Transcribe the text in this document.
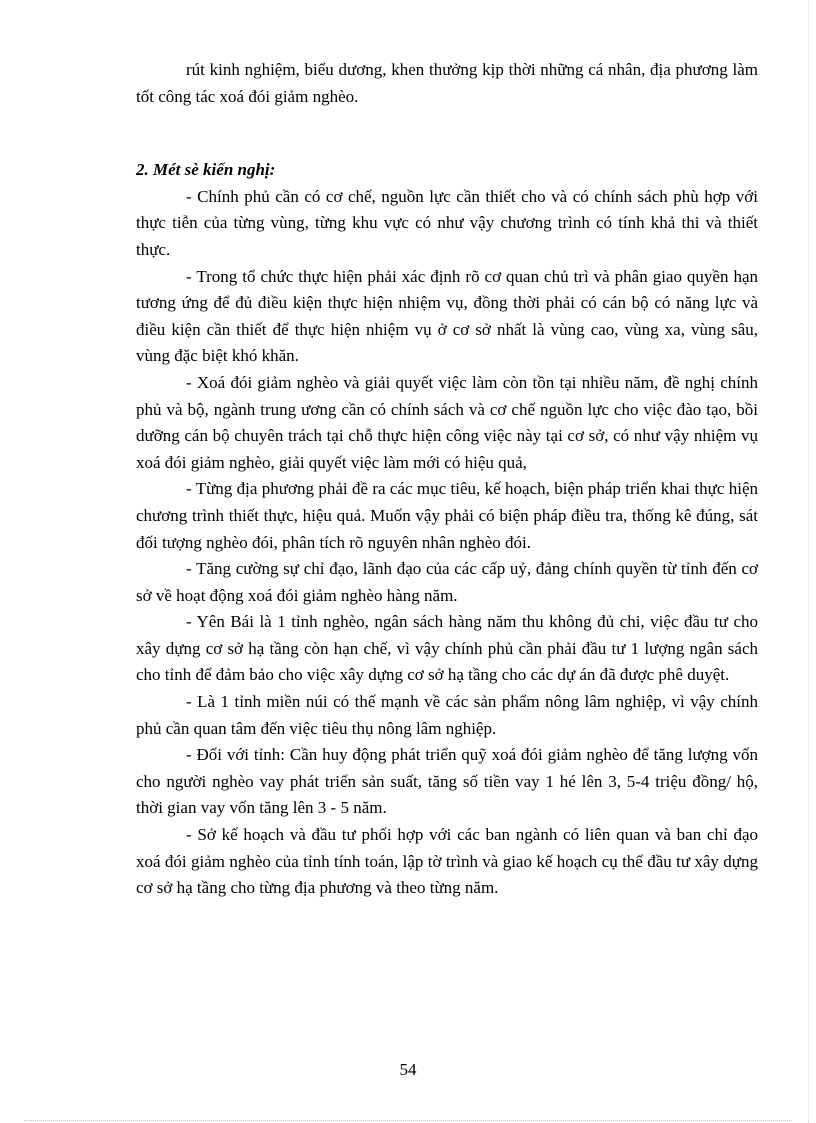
rút kinh nghiệm, biểu dương, khen thưởng kịp thời những cá nhân, địa phương làm tốt công tác xoá đói giảm nghèo.

2. Mét sè kiến nghị:

- Chính phủ cần có cơ chế, nguồn lực cần thiết cho và có chính sách phù hợp với thực tiễn của từng vùng, từng khu vực có như vậy chương trình có tính khả thi và thiết thực.

- Trong tổ chức thực hiện phải xác định rõ cơ quan chủ trì và phân giao quyền hạn tương ứng để đủ điều kiện thực hiện nhiệm vụ, đồng thời phải có cán bộ có năng lực và điều kiện cần thiết để thực hiện nhiệm vụ ở cơ sở nhất là vùng cao, vùng xa, vùng sâu, vùng đặc biệt khó khăn.

- Xoá đói giảm nghèo và giải quyết việc làm còn tồn tại nhiều năm, đề nghị chính phủ và bộ, ngành trung ương cần có chính sách và cơ chế nguồn lực cho việc đào tạo, bồi dưỡng cán bộ chuyên trách tại chỗ thực hiện công việc này tại cơ sở, có như vậy nhiệm vụ xoá đói giảm nghèo, giải quyết việc làm mới có hiệu quả,

- Từng địa phương phải đề ra các mục tiêu, kế hoạch, biện pháp triển khai thực hiện chương trình thiết thực, hiệu quả. Muốn vậy phải có biện pháp điều tra, thống kê đúng, sát đối tượng nghèo đói, phân tích rõ nguyên nhân nghèo đói.

- Tăng cường sự chỉ đạo, lãnh đạo của các cấp uỷ, đảng chính quyền từ tỉnh đến cơ sở về hoạt động xoá đói giảm nghèo hàng năm.

- Yên Bái là 1 tỉnh nghèo, ngân sách hàng năm thu không đủ chi, việc đầu tư cho xây dựng cơ sở hạ tầng còn hạn chế, vì vậy chính phủ cần phải đầu tư 1 lượng ngân sách cho tỉnh để đảm bảo cho việc xây dựng cơ sở hạ tầng cho các dự án đã được phê duyệt.

- Là 1 tỉnh miền núi có thế mạnh về các sản phẩm nông lâm nghiệp, vì vậy chính phủ cần quan tâm đến việc tiêu thụ nông lâm nghiệp.

- Đối với tỉnh: Cần huy động phát triển quỹ xoá đói giảm nghèo để tăng lượng vốn cho người nghèo vay phát triển sản suất, tăng số tiền vay 1 hé lên 3, 5-4 triệu đồng/ hộ, thời gian vay vốn tăng lên 3 - 5 năm.

- Sở kế hoạch và đầu tư phối hợp với các ban ngành có liên quan và ban chỉ đạo xoá đói giảm nghèo của tỉnh tính toán, lập tờ trình và giao kế hoạch cụ thể đầu tư xây dựng cơ sở hạ tầng cho từng địa phương và theo từng năm.

54
